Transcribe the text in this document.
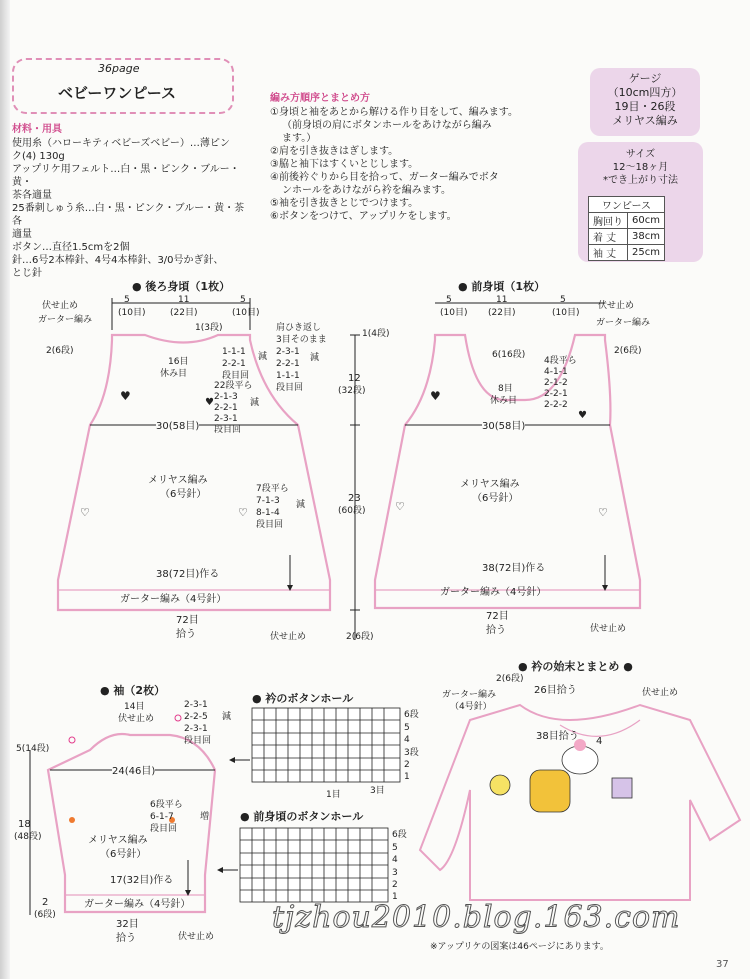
36page
ベビーワンピース
材料・用具
使用糸（ハローキティベビーズベビー）…薄ピン
ク(4) 130g
アップリケ用フェルト…白・黒・ピンク・ブルー・黄・
茶各適量
25番刺しゅう糸…白・黒・ピンク・ブルー・黄・茶各
適量
ボタン…直径1.5cmを2個
針…6号2本棒針、4号4本棒針、3/0号かぎ針、
とじ針
編み方順序とまとめ方
①身頃と袖をあとから解ける作り目をして、編みます。
（前身頃の肩にボタンホールをあけながら編み
ます。）
②肩を引き抜きはぎします。
③脇と袖下はすくいとじします。
④前後衿ぐりから目を拾って、ガーター編みでボタ
ンホールをあけながら衿を編みます。
⑤袖を引き抜きとじでつけます。
⑥ボタンをつけて、アップリケをします。
ゲージ
（10cm四方）
19目・26段
メリヤス編み
サイズ
12～18ヶ月
*でき上がり寸法
ワンピース	
胸回り	60cm
着 丈	38cm
袖 丈	25cm
♥	♥
♥
♥
♡	♡	♡	♡
● 後ろ身頃（1枚）
5
(10目)
11
(22目)
5
(10目)
伏せ止め
ガーター編み
2(6段)
1(3段)
16目
休み目
肩ひき返し
3目そのまま
2-3-1
2-2-1
1-1-1
段目回
減
1-1-1
2-2-1
段目回
減
22段平ら
2-1-3
2-2-1
2-3-1
段目回
減
30(58目)
メリヤス編み
（6号針）	7段平ら
7-1-3
8-1-4
段目回
減
38(72目)作る
ガーター編み（4号針）
72目
拾う	伏せ止め
1(4段)
12
(32段)
23
(60段)
2(6段)
● 前身頃（1枚）
5
(10目)
11
(22目)
5
(10目)
伏せ止め
ガーター編み
2(6段)
6(16段)
4段平ら
4-1-1
2-1-2
2-2-1
2-2-2
8目
休み目
30(58目)
メリヤス編み
（6号針）
38(72目)作る
ガーター編み（4号針）
72目
拾う	伏せ止め
● 袖（2枚）
14目
伏せ止め
2-3-1
2-2-5
2-3-1
段目回
減
5(14段)
24(46目)
6段平ら
6-1-7
段目回
増
18
(48段)	メリヤス編み
（6号針）
17(32目)作る
ガーター編み（4号針）
2
(6段)
32目
拾う	伏せ止め
● 衿のボタンホール
6段
5
4
3段
2
1
1目	3目
● 前身頃のボタンホール
6段
5
4
3
2
1
● 衿の始末とまとめ ●
2(6段)
ガーター編み
（4号針）
26目拾う	伏せ止め
38目拾う 4
※アップリケの図案は46ページにあります。
tjzhou2010.blog.163.com
37
